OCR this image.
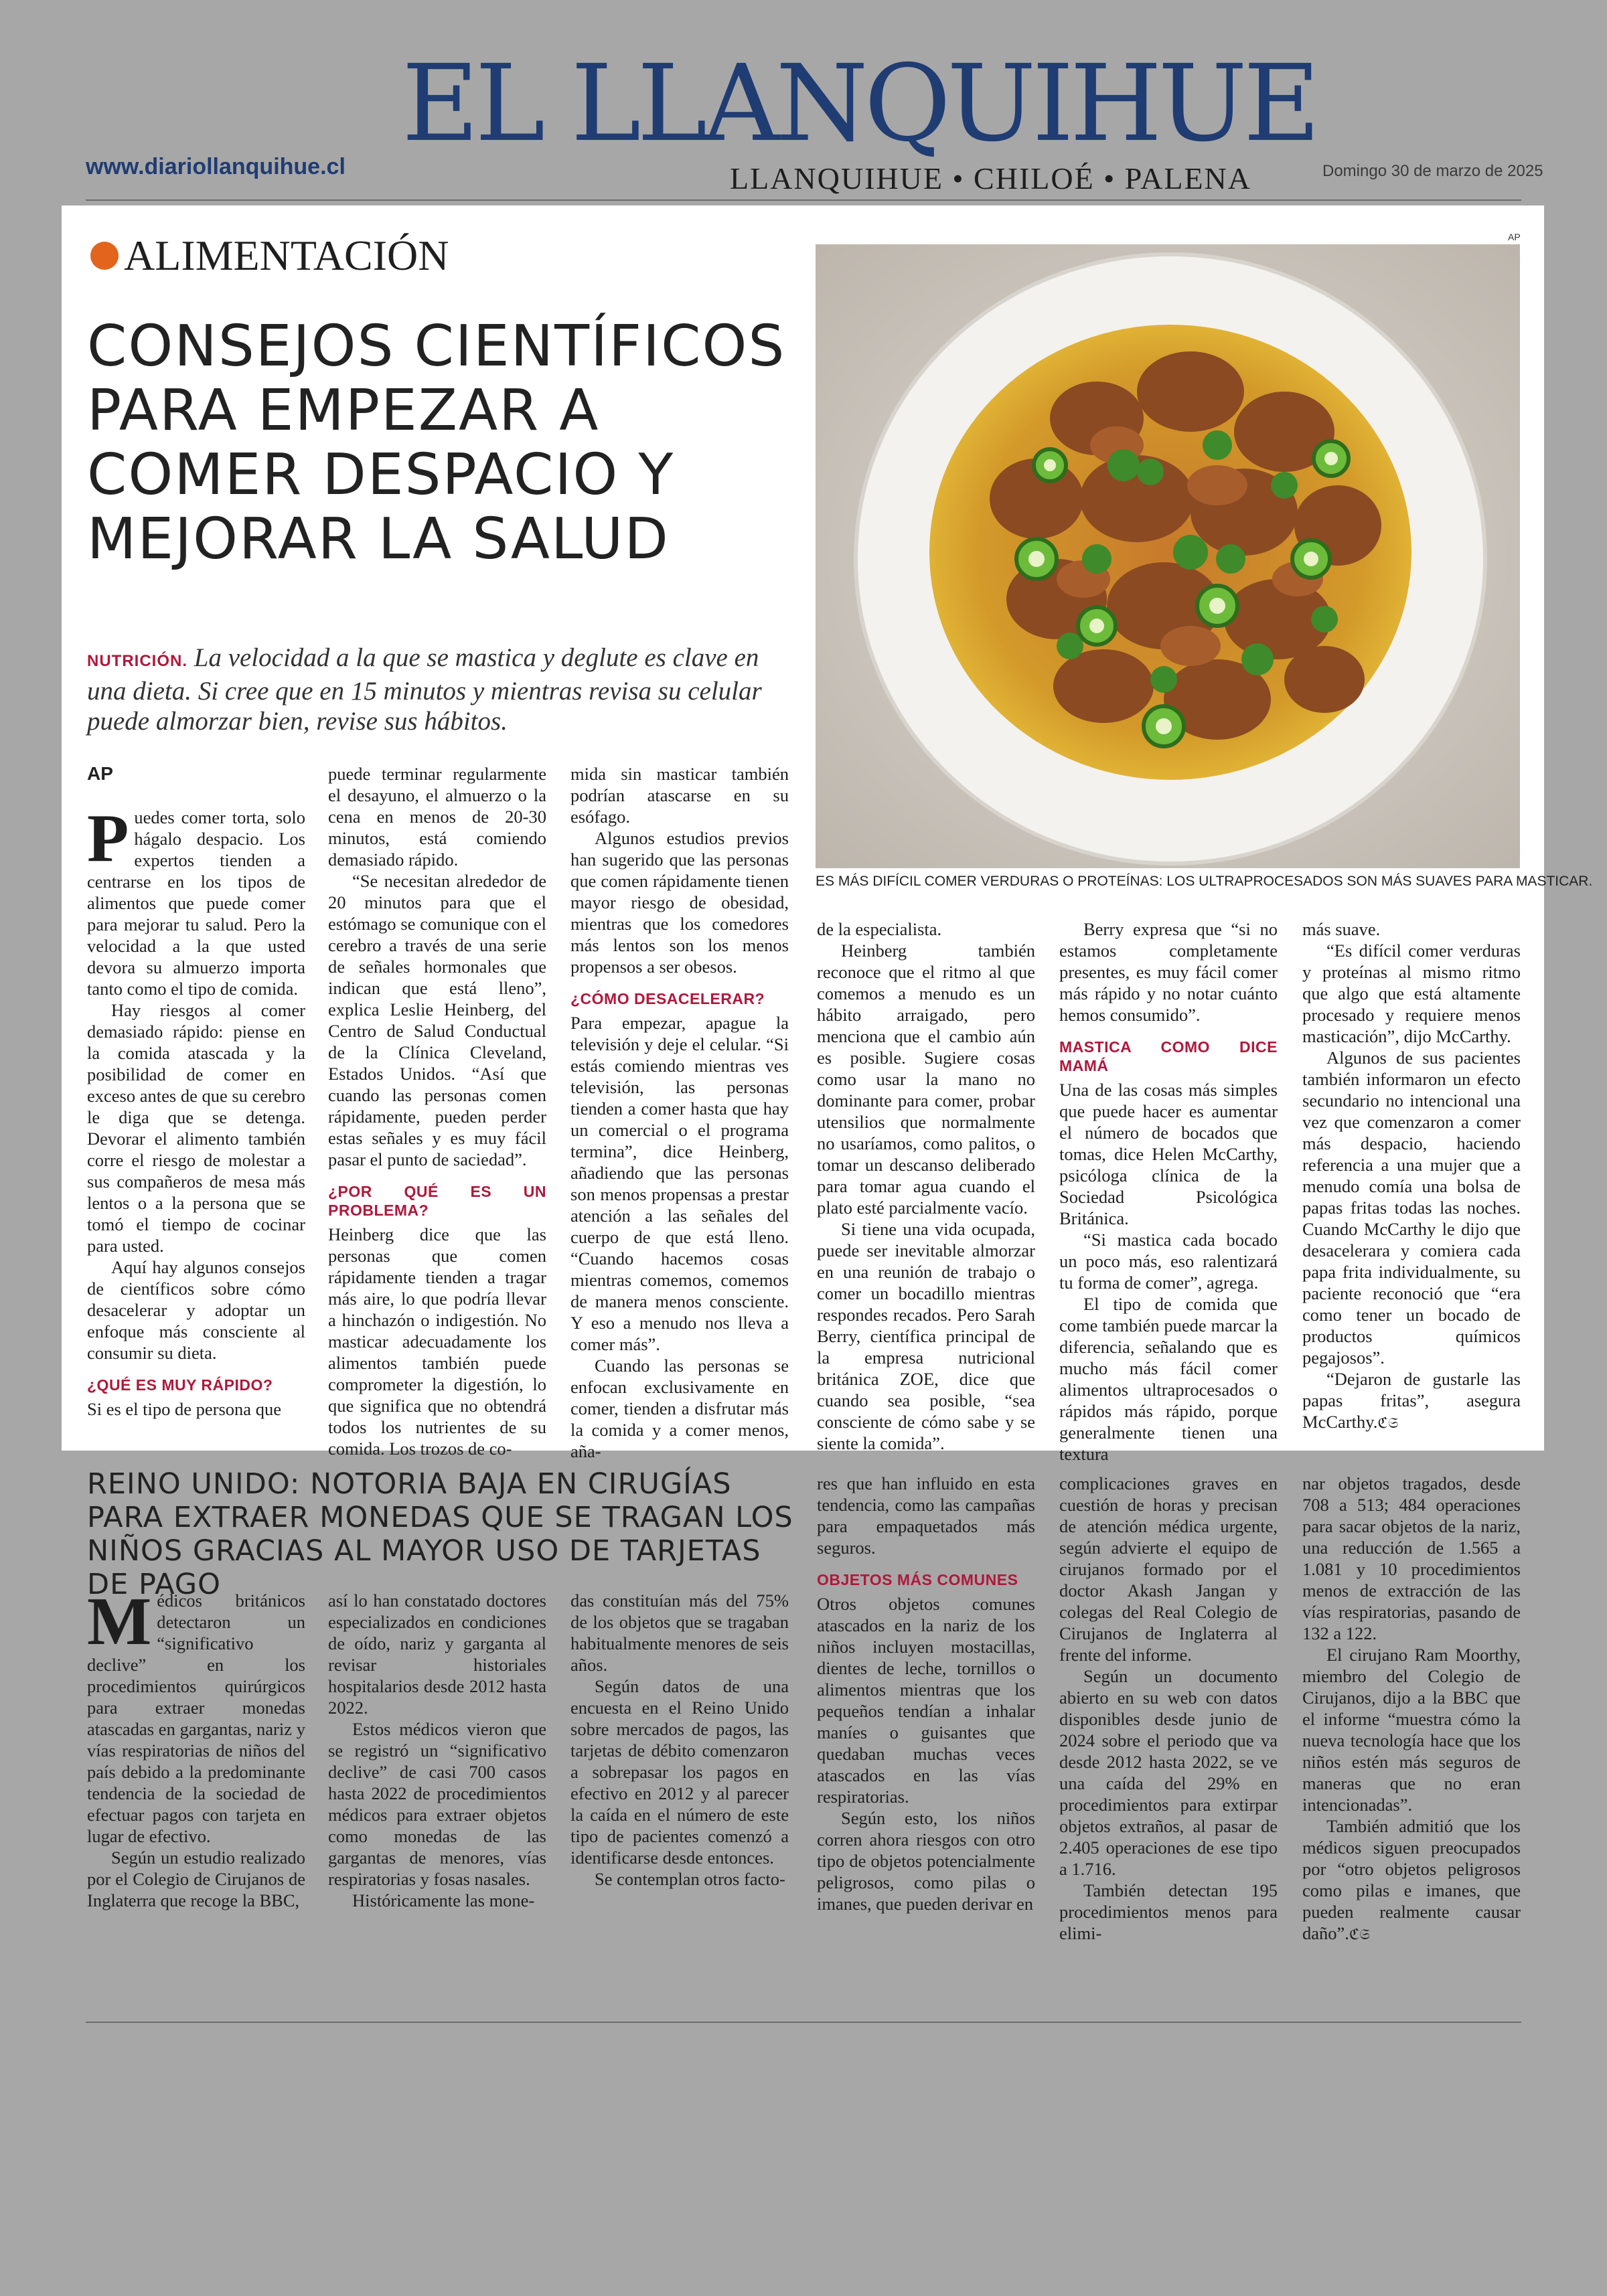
www.diariollanquihue.cl
EL LLANQUIHUE
LLANQUIHUE • CHILOÉ • PALENA	Domingo 30 de marzo de 2025
ALIMENTACIÓN
CONSEJOS CIENTÍFICOS PARA EMPEZAR A COMER DESPACIO Y MEJORAR LA SALUD
NUTRICIÓN. La velocidad a la que se mastica y deglute es clave en una dieta. Si cree que en 15 minutos y mientras revisa su celular puede almorzar bien, revise sus hábitos.
AP
ES MÁS DIFÍCIL COMER VERDURAS O PROTEÍNAS: LOS ULTRAPROCESADOS SON MÁS SUAVES PARA MASTICAR.
AP

Puedes comer torta, solo hágalo despacio. Los expertos tienden a centrarse en los tipos de alimentos que puede comer para mejorar tu salud. Pero la velocidad a la que usted devora su almuerzo importa tanto como el tipo de comida.

Hay riesgos al comer demasiado rápido: piense en la comida atascada y la posibilidad de comer en exceso antes de que su cerebro le diga que se detenga. Devorar el alimento también corre el riesgo de molestar a sus compañeros de mesa más lentos o a la persona que se tomó el tiempo de cocinar para usted.

Aquí hay algunos consejos de científicos sobre cómo desacelerar y adoptar un enfoque más consciente al consumir su dieta.

¿QUÉ ES MUY RÁPIDO?

Si es el tipo de persona que

puede terminar regularmente el desayuno, el almuerzo o la cena en menos de 20-30 minutos, está comiendo demasiado rápido.

“Se necesitan alrededor de 20 minutos para que el estómago se comunique con el cerebro a través de una serie de señales hormonales que indican que está lleno”, explica Leslie Heinberg, del Centro de Salud Conductual de la Clínica Cleveland, Estados Unidos. “Así que cuando las personas comen rápidamente, pueden perder estas señales y es muy fácil pasar el punto de saciedad”.

¿POR QUÉ ES UN PROBLEMA?

Heinberg dice que las personas que comen rápidamente tienden a tragar más aire, lo que podría llevar a hinchazón o indigestión. No masticar adecuadamente los alimentos también puede comprometer la digestión, lo que significa que no obtendrá todos los nutrientes de su comida. Los trozos de co-

mida sin masticar también podrían atascarse en su esófago.

Algunos estudios previos han sugerido que las personas que comen rápidamente tienen mayor riesgo de obesidad, mientras que los comedores más lentos son los menos propensos a ser obesos.

¿CÓMO DESACELERAR?

Para empezar, apague la televisión y deje el celular. “Si estás comiendo mientras ves televisión, las personas tienden a comer hasta que hay un comercial o el programa termina”, dice Heinberg, añadiendo que las personas son menos propensas a prestar atención a las señales del cuerpo de que está lleno. “Cuando hacemos cosas mientras comemos, comemos de manera menos consciente. Y eso a menudo nos lleva a comer más”.

Cuando las personas se enfocan exclusivamente en comer, tienden a disfrutar más la comida y a comer menos, aña-

de la especialista.

Heinberg también reconoce que el ritmo al que comemos a menudo es un hábito arraigado, pero menciona que el cambio aún es posible. Sugiere cosas como usar la mano no dominante para comer, probar utensilios que normalmente no usaríamos, como palitos, o tomar un descanso deliberado para tomar agua cuando el plato esté parcialmente vacío.

Si tiene una vida ocupada, puede ser inevitable almorzar en una reunión de trabajo o comer un bocadillo mientras respondes recados. Pero Sarah Berry, científica principal de la empresa nutricional británica ZOE, dice que cuando sea posible, “sea consciente de cómo sabe y se siente la comida”.

Berry expresa que “si no estamos completamente presentes, es muy fácil comer más rápido y no notar cuánto hemos consumido”.

MASTICA COMO DICE MAMÁ

Una de las cosas más simples que puede hacer es aumentar el número de bocados que tomas, dice Helen McCarthy, psicóloga clínica de la Sociedad Psicológica Británica.

“Si mastica cada bocado un poco más, eso ralentizará tu forma de comer”, agrega.

El tipo de comida que come también puede marcar la diferencia, señalando que es mucho más fácil comer alimentos ultraprocesados o rápidos más rápido, porque generalmente tienen una textura

más suave.

“Es difícil comer verduras y proteínas al mismo ritmo que algo que está altamente procesado y requiere menos masticación”, dijo McCarthy.

Algunos de sus pacientes también informaron un efecto secundario no intencional una vez que comenzaron a comer más despacio, haciendo referencia a una mujer que a menudo comía una bolsa de papas fritas todas las noches. Cuando McCarthy le dijo que desacelerara y comiera cada papa frita individualmente, su paciente reconoció que “era como tener un bocado de productos químicos pegajosos”.

“Dejaron de gustarle las papas fritas”, asegura McCarthy.ℭ𝔖

REINO UNIDO: NOTORIA BAJA EN CIRUGÍAS PARA EXTRAER MONEDAS QUE SE TRAGAN LOS NIÑOS GRACIAS AL MAYOR USO DE TARJETAS DE PAGO

Médicos británicos detectaron un “significativo declive” en los procedimientos quirúrgicos para extraer monedas atascadas en gargantas, nariz y vías respiratorias de niños del país debido a la predominante tendencia de la sociedad de efectuar pagos con tarjeta en lugar de efectivo.

Según un estudio realizado por el Colegio de Cirujanos de Inglaterra que recoge la BBC,

así lo han constatado doctores especializados en condiciones de oído, nariz y garganta al revisar historiales hospitalarios desde 2012 hasta 2022.

Estos médicos vieron que se registró un “significativo declive” de casi 700 casos hasta 2022 de procedimientos médicos para extraer objetos como monedas de las gargantas de menores, vías respiratorias y fosas nasales.

Históricamente las mone-

das constituían más del 75% de los objetos que se tragaban habitualmente menores de seis años.

Según datos de una encuesta en el Reino Unido sobre mercados de pagos, las tarjetas de débito comenzaron a sobrepasar los pagos en efectivo en 2012 y al parecer la caída en el número de este tipo de pacientes comenzó a identificarse desde entonces.

Se contemplan otros facto-

res que han influido en esta tendencia, como las campañas para empaquetados más seguros.

OBJETOS MÁS COMUNES

Otros objetos comunes atascados en la nariz de los niños incluyen mostacillas, dientes de leche, tornillos o alimentos mientras que los pequeños tendían a inhalar maníes o guisantes que quedaban muchas veces atascados en las vías respiratorias.

Según esto, los niños corren ahora riesgos con otro tipo de objetos potencialmente peligrosos, como pilas o imanes, que pueden derivar en

complicaciones graves en cuestión de horas y precisan de atención médica urgente, según advierte el equipo de cirujanos formado por el doctor Akash Jangan y colegas del Real Colegio de Cirujanos de Inglaterra al frente del informe.

Según un documento abierto en su web con datos disponibles desde junio de 2024 sobre el periodo que va desde 2012 hasta 2022, se ve una caída del 29% en procedimientos para extirpar objetos extraños, al pasar de 2.405 operaciones de ese tipo a 1.716.

También detectan 195 procedimientos menos para elimi-

nar objetos tragados, desde 708 a 513; 484 operaciones para sacar objetos de la nariz, una reducción de 1.565 a 1.081 y 10 procedimientos menos de extracción de las vías respiratorias, pasando de 132 a 122.

El cirujano Ram Moorthy, miembro del Colegio de Cirujanos, dijo a la BBC que el informe “muestra cómo la nueva tecnología hace que los niños estén más seguros de maneras que no eran intencionadas”.

También admitió que los médicos siguen preocupados por “otro objetos peligrosos como pilas e imanes, que pueden realmente causar daño”.ℭ𝔖
